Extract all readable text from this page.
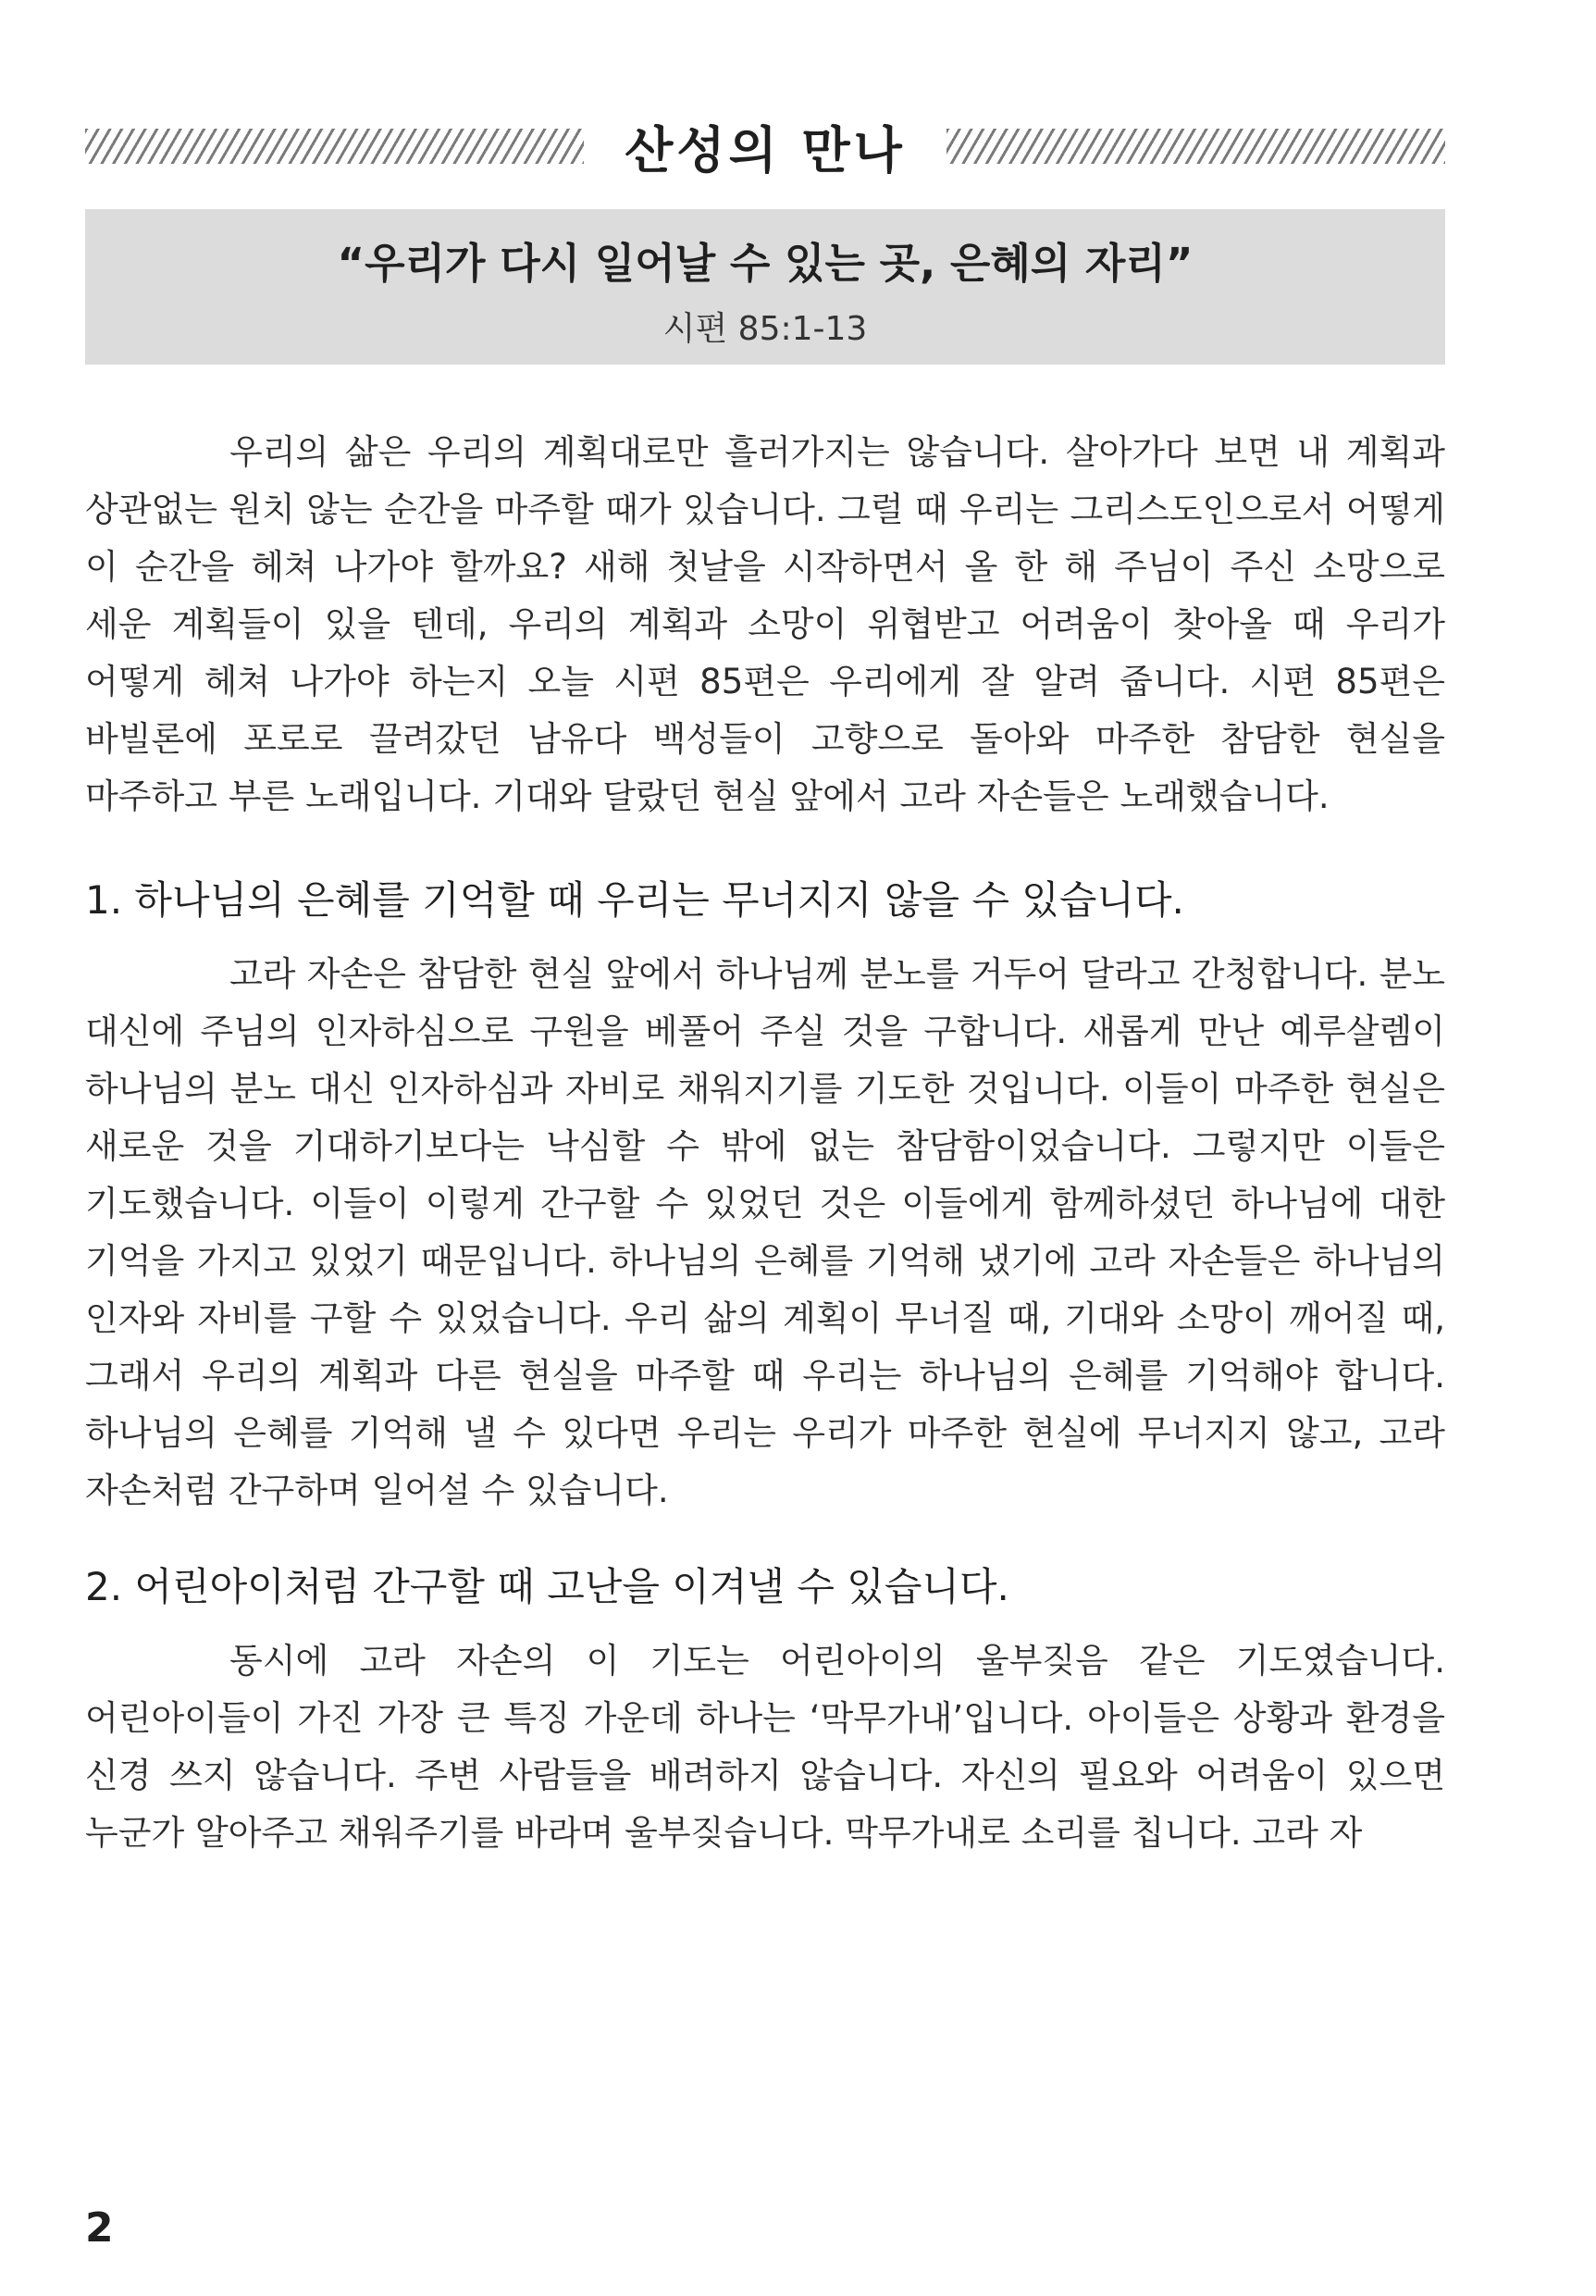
산성의 만나
“우리가 다시 일어날 수 있는 곳, 은혜의 자리”
시편 85:1-13

우리의 삶은 우리의 계획대로만 흘러가지는 않습니다. 살아가다 보면 내 계획과 상관없는 원치 않는 순간을 마주할 때가 있습니다. 그럴 때 우리는 그리스도인으로서 어떻게 이 순간을 헤쳐 나가야 할까요? 새해 첫날을 시작하면서 올 한 해 주님이 주신 소망으로 세운 계획들이 있을 텐데, 우리의 계획과 소망이 위협받고 어려움이 찾아올 때 우리가 어떻게 헤쳐 나가야 하는지 오늘 시편 85편은 우리에게 잘 알려 줍니다. 시편 85편은 바빌론에 포로로 끌려갔던 남유다 백성들이 고향으로 돌아와 마주한 참담한 현실을 마주하고 부른 노래입니다. 기대와 달랐던 현실 앞에서 고라 자손들은 노래했습니다.

1. 하나님의 은혜를 기억할 때 우리는 무너지지 않을 수 있습니다.

고라 자손은 참담한 현실 앞에서 하나님께 분노를 거두어 달라고 간청합니다. 분노 대신에 주님의 인자하심으로 구원을 베풀어 주실 것을 구합니다. 새롭게 만난 예루살렘이 하나님의 분노 대신 인자하심과 자비로 채워지기를 기도한 것입니다. 이들이 마주한 현실은 새로운 것을 기대하기보다는 낙심할 수 밖에 없는 참담함이었습니다. 그렇지만 이들은 기도했습니다. 이들이 이렇게 간구할 수 있었던 것은 이들에게 함께하셨던 하나님에 대한 기억을 가지고 있었기 때문입니다. 하나님의 은혜를 기억해 냈기에 고라 자손들은 하나님의 인자와 자비를 구할 수 있었습니다. 우리 삶의 계획이 무너질 때, 기대와 소망이 깨어질 때, 그래서 우리의 계획과 다른 현실을 마주할 때 우리는 하나님의 은혜를 기억해야 합니다. 하나님의 은혜를 기억해 낼 수 있다면 우리는 우리가 마주한 현실에 무너지지 않고, 고라 자손처럼 간구하며 일어설 수 있습니다.

2. 어린아이처럼 간구할 때 고난을 이겨낼 수 있습니다.

동시에 고라 자손의 이 기도는 어린아이의 울부짖음 같은 기도였습니다. 어린아이들이 가진 가장 큰 특징 가운데 하나는 ‘막무가내’입니다. 아이들은 상황과 환경을 신경 쓰지 않습니다. 주변 사람들을 배려하지 않습니다. 자신의 필요와 어려움이 있으면 누군가 알아주고 채워주기를 바라며 울부짖습니다. 막무가내로 소리를 칩니다. 고라 자

2
